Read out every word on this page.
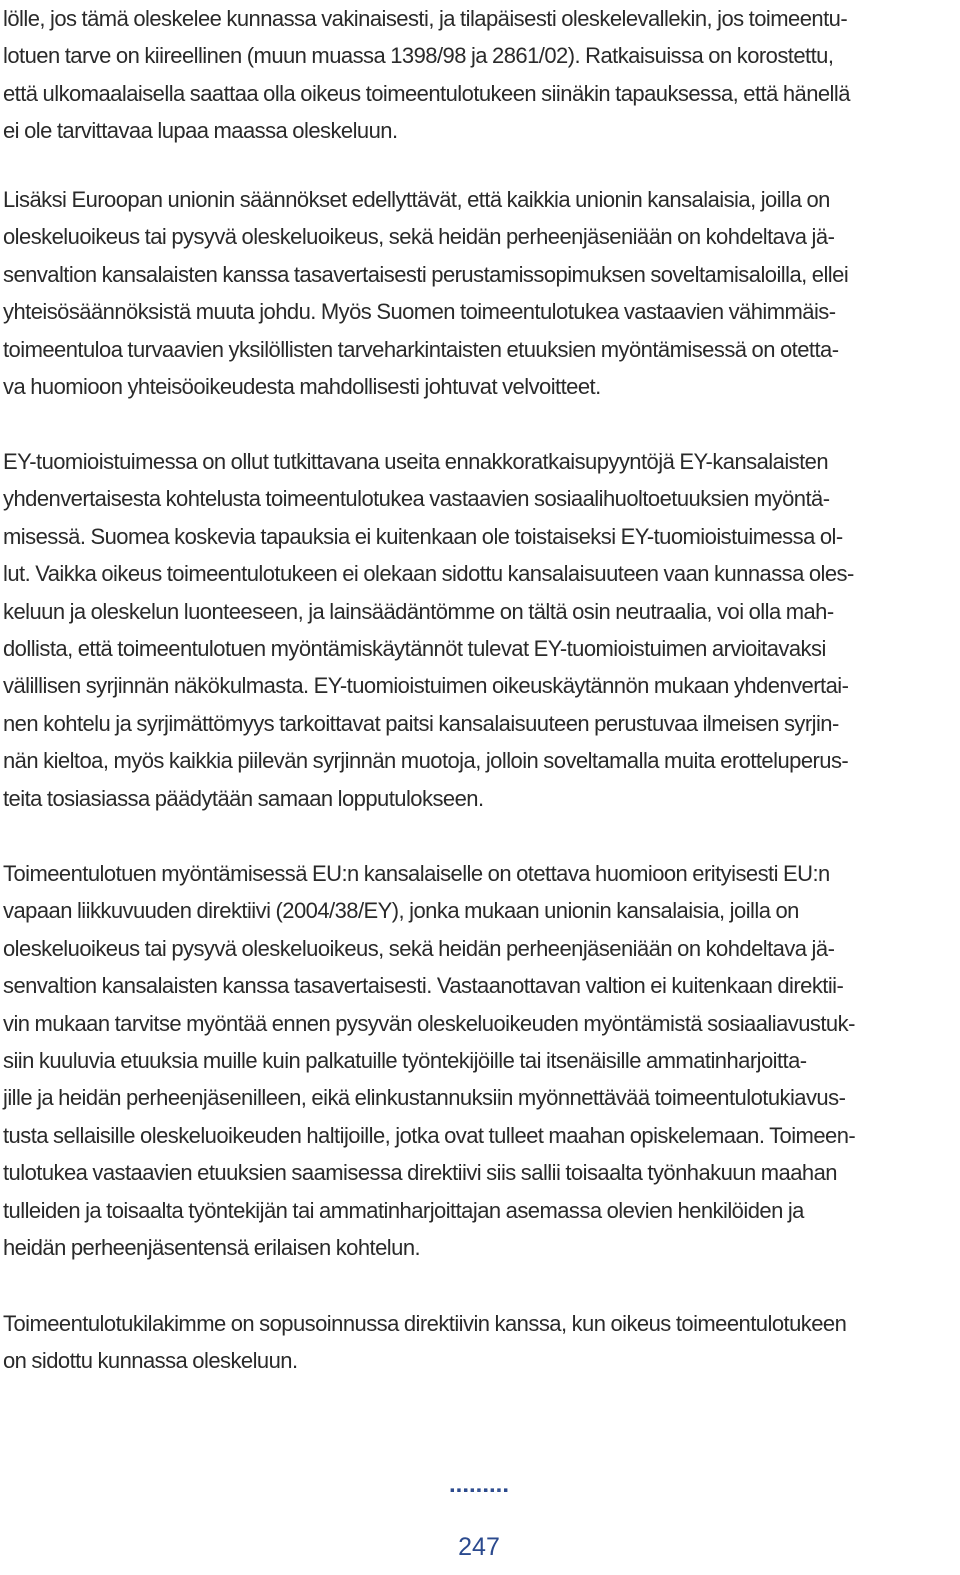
lölle, jos tämä oleskelee kunnassa vakinaisesti, ja tilapäisesti oleskelevallekin, jos toimeentu-
lotuen tarve on kiireellinen (muun muassa 1398/98 ja 2861/02). Ratkaisuissa on korostettu,
että ulkomaalaisella saattaa olla oikeus toimeentulotukeen siinäkin tapauksessa, että hänellä
ei ole tarvittavaa lupaa maassa oleskeluun.
Lisäksi Euroopan unionin säännökset edellyttävät, että kaikkia unionin kansalaisia, joilla on
oleskeluoikeus tai pysyvä oleskeluoikeus, sekä heidän perheenjäseniään on kohdeltava jä-
senvaltion kansalaisten kanssa tasavertaisesti perustamissopimuksen soveltamisaloilla, ellei
yhteisösäännöksistä muuta johdu. Myös Suomen toimeentulotukea vastaavien vähimmäis-
toimeentuloa turvaavien yksilöllisten tarveharkintaisten etuuksien myöntämisessä on otetta-
va huomioon yhteisöoikeudesta mahdollisesti johtuvat velvoitteet.
EY-tuomioistuimessa on ollut tutkittavana useita ennakkoratkaisupyyntöjä EY-kansalaisten
yhdenvertaisesta kohtelusta toimeentulotukea vastaavien sosiaalihuoltoetuuksien myöntä-
misessä. Suomea koskevia tapauksia ei kuitenkaan ole toistaiseksi EY-tuomioistuimessa ol-
lut. Vaikka oikeus toimeentulotukeen ei olekaan sidottu kansalaisuuteen vaan kunnassa oles-
keluun ja oleskelun luonteeseen, ja lainsäädäntömme on tältä osin neutraalia, voi olla mah-
dollista, että toimeentulotuen myöntämiskäytännöt tulevat EY-tuomioistuimen arvioitavaksi
välillisen syrjinnän näkökulmasta. EY-tuomioistuimen oikeuskäytännön mukaan yhdenvertai-
nen kohtelu ja syrjimättömyys tarkoittavat paitsi kansalaisuuteen perustuvaa ilmeisen syrjin-
nän kieltoa, myös kaikkia piilevän syrjinnän muotoja, jolloin soveltamalla muita erotteluperus-
teita tosiasiassa päädytään samaan lopputulokseen.
Toimeentulotuen myöntämisessä EU:n kansalaiselle on otettava huomioon erityisesti EU:n
vapaan liikkuvuuden direktiivi (2004/38/EY), jonka mukaan unionin kansalaisia, joilla on
oleskeluoikeus tai pysyvä oleskeluoikeus, sekä heidän perheenjäseniään on kohdeltava jä-
senvaltion kansalaisten kanssa tasavertaisesti. Vastaanottavan valtion ei kuitenkaan direktii-
vin mukaan tarvitse myöntää ennen pysyvän oleskeluoikeuden myöntämistä sosiaaliavustuk-
siin kuuluvia etuuksia muille kuin palkatuille työntekijöille tai itsenäisille ammatinharjoitta-
jille ja heidän perheenjäsenilleen, eikä elinkustannuksiin myönnettävää toimeentulotukiavus-
tusta sellaisille oleskeluoikeuden haltijoille, jotka ovat tulleet maahan opiskelemaan. Toimeen-
tulotukea vastaavien etuuksien saamisessa direktiivi siis sallii toisaalta työnhakuun maahan
tulleiden ja toisaalta työntekijän tai ammatinharjoittajan asemassa olevien henkilöiden ja
heidän perheenjäsentensä erilaisen kohtelun.
Toimeentulotukilakimme on sopusoinnussa direktiivin kanssa, kun oikeus toimeentulotukeen
on sidottu kunnassa oleskeluun.
.........
247
